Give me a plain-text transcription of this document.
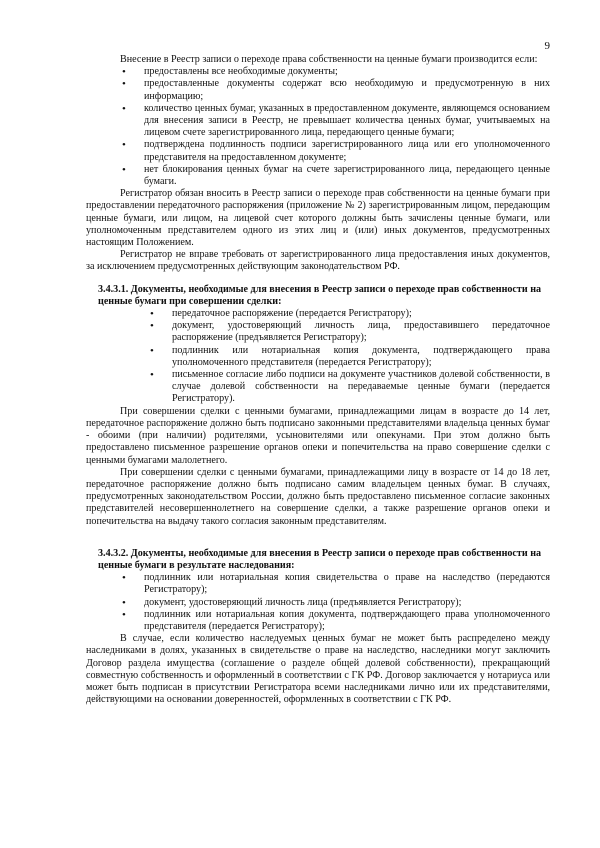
9

Внесение в Реестр записи о переходе права собственности на ценные бумаги производится если:

• предоставлены все необходимые документы;
• предоставленные документы содержат всю необходимую и предусмотренную в них информацию;
• количество ценных бумаг, указанных в предоставленном документе, являющемся основанием для внесения записи в Реестр, не превышает количества ценных бумаг, учитываемых на лицевом счете зарегистрированного лица, передающего ценные бумаги;
• подтверждена подлинность подписи зарегистрированного лица или его уполномоченного представителя на предоставленном документе;
• нет блокирования ценных бумаг на счете зарегистрированного лица, передающего ценные бумаги.

Регистратор обязан вносить в Реестр записи о переходе прав собственности на ценные бумаги при предоставлении передаточного распоряжения (приложение № 2) зарегистрированным лицом, передающим ценные бумаги, или лицом, на лицевой счет которого должны быть зачислены ценные бумаги, или уполномоченным представителем одного из этих лиц и (или) иных документов, предусмотренных настоящим Положением.

Регистратор не вправе требовать от зарегистрированного лица предоставления иных документов, за исключением предусмотренных действующим законодательством РФ.

3.4.3.1. Документы, необходимые для внесения в Реестр записи о переходе прав собственности на ценные бумаги при совершении сделки:

• передаточное распоряжение (передается Регистратору);
• документ, удостоверяющий личность лица, предоставившего передаточное распоряжение (предъявляется Регистратору);
• подлинник или нотариальная копия документа, подтверждающего права уполномоченного представителя (передается Регистратору);
• письменное согласие либо подписи на документе участников долевой собственности, в случае долевой собственности на передаваемые ценные бумаги (передается Регистратору).

При совершении сделки с ценными бумагами, принадлежащими лицам в возрасте до 14 лет, передаточное распоряжение должно быть подписано законными представителями владельца ценных бумаг - обоими (при наличии) родителями, усыновителями или опекунами. При этом должно быть предоставлено письменное разрешение органов опеки и попечительства на право совершение сделки с ценными бумагами малолетнего.

При совершении сделки с ценными бумагами, принадлежащими лицу в возрасте от 14 до 18 лет, передаточное распоряжение должно быть подписано самим владельцем ценных бумаг. В случаях, предусмотренных законодательством России, должно быть предоставлено письменное согласие законных представителей несовершеннолетнего на совершение сделки, а также разрешение органов опеки и попечительства на выдачу такого согласия законным представителям.

3.4.3.2. Документы, необходимые для внесения в Реестр записи о переходе прав собственности на ценные бумаги в результате наследования:

• подлинник или нотариальная копия свидетельства о праве на наследство (передаются Регистратору);
• документ, удостоверяющий личность лица (предъявляется Регистратору);
• подлинник или нотариальная копия документа, подтверждающего права уполномоченного представителя (передается Регистратору);

В случае, если количество наследуемых ценных бумаг не может быть распределено между наследниками в долях, указанных в свидетельстве о праве на наследство, наследники могут заключить Договор раздела имущества (соглашение о разделе общей долевой собственности), прекращающий совместную собственность и оформленный в соответствии с ГК РФ. Договор заключается у нотариуса или может быть подписан в присутствии Регистратора всеми наследниками лично или их представителями, действующими на основании доверенностей, оформленных в соответствии с ГК РФ.
